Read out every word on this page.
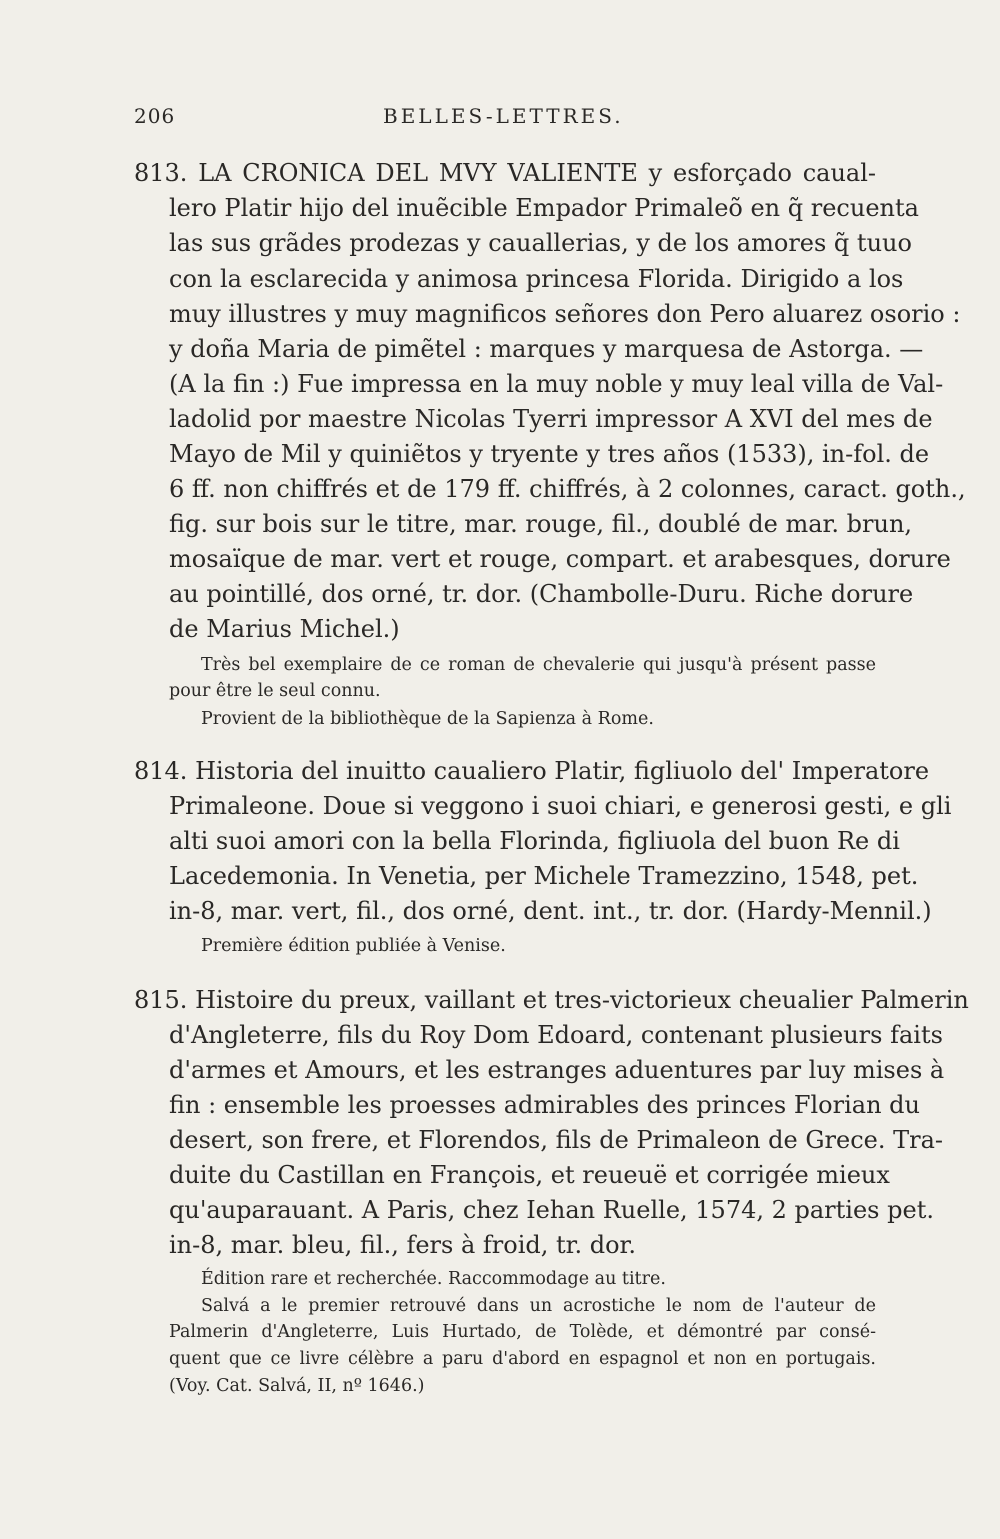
206	BELLES-LETTRES.
813. LA CRONICA DEL MVY VALIENTE y esforçado caual-
lero Platir hijo del inuẽcible Empador Primaleõ en q̃ recuenta
las sus grãdes prodezas y cauallerias, y de los amores q̃ tuuo
con la esclarecida y animosa princesa Florida. Dirigido a los
muy illustres y muy magnificos señores don Pero aluarez osorio :
y doña Maria de pimẽtel : marques y marquesa de Astorga. —
(A la fin :) Fue impressa en la muy noble y muy leal villa de Val-
ladolid por maestre Nicolas Tyerri impressor A XVI del mes de
Mayo de Mil y quiniẽtos y tryente y tres años (1533), in-fol. de
6 ff. non chiffrés et de 179 ff. chiffrés, à 2 colonnes, caract. goth.,
fig. sur bois sur le titre, mar. rouge, fil., doublé de mar. brun,
mosaïque de mar. vert et rouge, compart. et arabesques, dorure
au pointillé, dos orné, tr. dor. (Chambolle-Duru. Riche dorure
de Marius Michel.)
Très bel exemplaire de ce roman de chevalerie qui jusqu'à présent passe
pour être le seul connu.
Provient de la bibliothèque de la Sapienza à Rome.
814. Historia del inuitto caualiero Platir, figliuolo del' Imperatore
Primaleone. Doue si veggono i suoi chiari, e generosi gesti, e gli
alti suoi amori con la bella Florinda, figliuola del buon Re di
Lacedemonia. In Venetia, per Michele Tramezzino, 1548, pet.
in-8, mar. vert, fil., dos orné, dent. int., tr. dor. (Hardy-Mennil.)
Première édition publiée à Venise.
815. Histoire du preux, vaillant et tres-victorieux cheualier Palmerin
d'Angleterre, fils du Roy Dom Edoard, contenant plusieurs faits
d'armes et Amours, et les estranges aduentures par luy mises à
fin : ensemble les proesses admirables des princes Florian du
desert, son frere, et Florendos, fils de Primaleon de Grece. Tra-
duite du Castillan en François, et reueuë et corrigée mieux
qu'auparauant. A Paris, chez Iehan Ruelle, 1574, 2 parties pet.
in-8, mar. bleu, fil., fers à froid, tr. dor.
Édition rare et recherchée. Raccommodage au titre.
Salvá a le premier retrouvé dans un acrostiche le nom de l'auteur de
Palmerin d'Angleterre, Luis Hurtado, de Tolède, et démontré par consé-
quent que ce livre célèbre a paru d'abord en espagnol et non en portugais.
(Voy. Cat. Salvá, II, nº 1646.)
